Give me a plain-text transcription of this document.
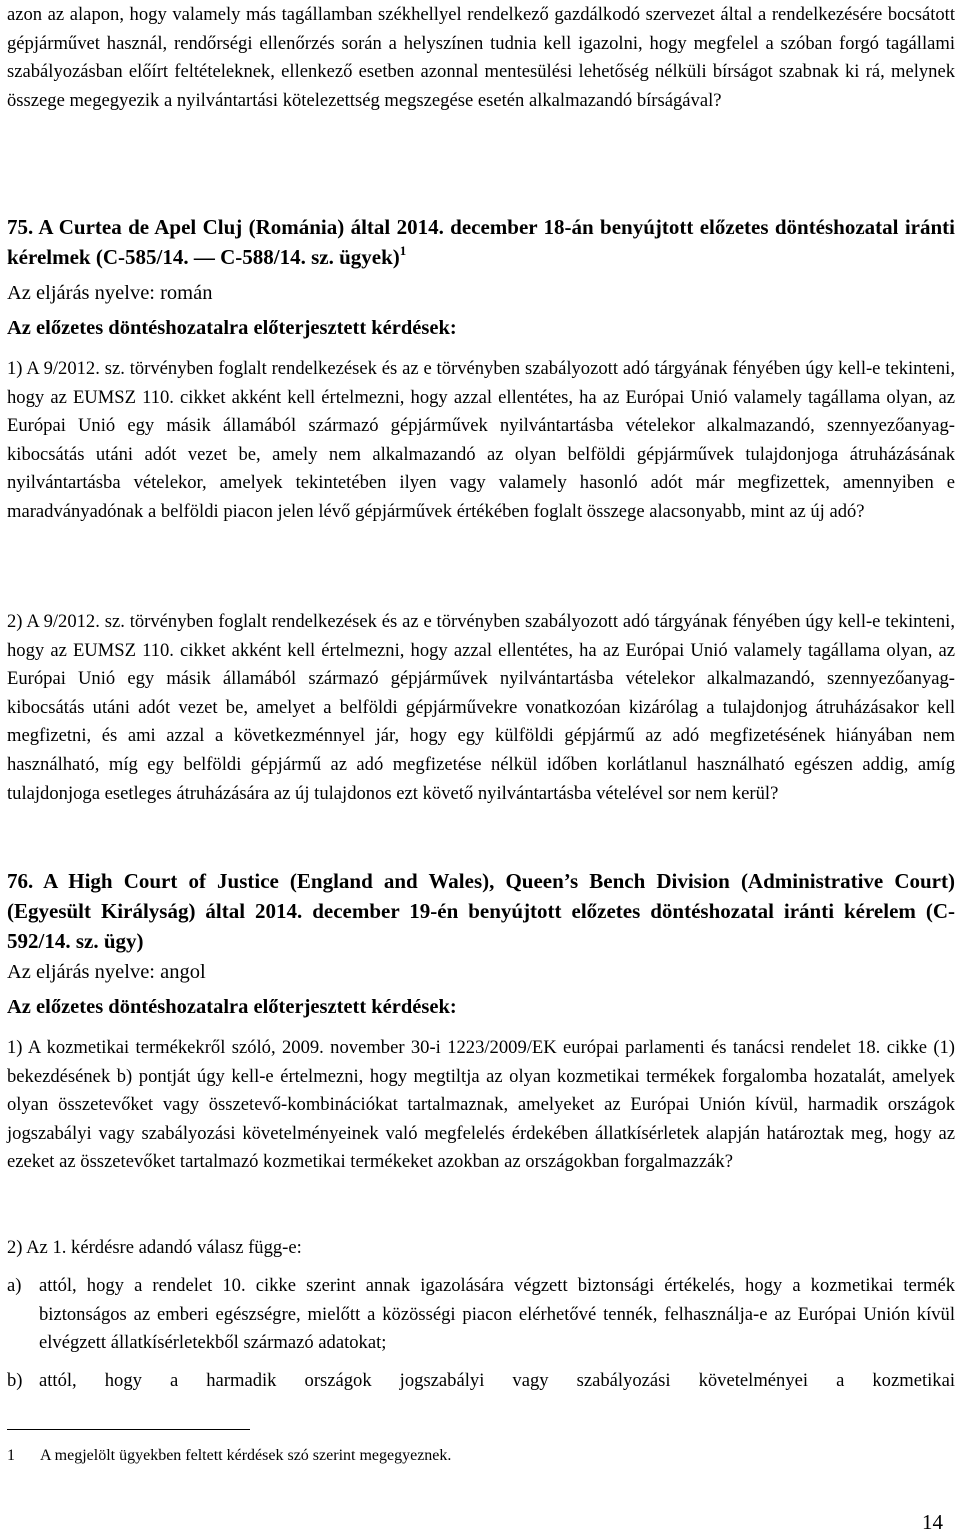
azon az alapon, hogy valamely más tagállamban székhellyel rendelkező gazdálkodó szervezet által a rendelkezésére bocsátott gépjárművet használ, rendőrségi ellenőrzés során a helyszínen tudnia kell igazolni, hogy megfelel a szóban forgó tagállami szabályozásban előírt feltételeknek, ellenkező esetben azonnal mentesülési lehetőség nélküli bírságot szabnak ki rá, melynek összege megegyezik a nyilvántartási kötelezettség megszegése esetén alkalmazandó bírságával?

75. A Curtea de Apel Cluj (Románia) által 2014. december 18-án benyújtott előzetes döntéshozatal iránti kérelmek (C-585/14. — C-588/14. sz. ügyek)$^1$
Az eljárás nyelve: román
Az előzetes döntéshozatalra előterjesztett kérdések:

1) A 9/2012. sz. törvényben foglalt rendelkezések és az e törvényben szabályozott adó tárgyának fényében úgy kell-e tekinteni, hogy az EUMSZ 110. cikket akként kell értelmezni, hogy azzal ellentétes, ha az Európai Unió valamely tagállama olyan, az Európai Unió egy másik államából származó gépjárművek nyilvántartásba vételekor alkalmazandó, szennyezőanyag-kibocsátás utáni adót vezet be, amely nem alkalmazandó az olyan belföldi gépjárművek tulajdonjoga átruházásának nyilvántartásba vételekor, amelyek tekintetében ilyen vagy valamely hasonló adót már megfizettek, amennyiben e maradványadónak a belföldi piacon jelen lévő gépjárművek értékében foglalt összege alacsonyabb, mint az új adó?

2) A 9/2012. sz. törvényben foglalt rendelkezések és az e törvényben szabályozott adó tárgyának fényében úgy kell-e tekinteni, hogy az EUMSZ 110. cikket akként kell értelmezni, hogy azzal ellentétes, ha az Európai Unió valamely tagállama olyan, az Európai Unió egy másik államából származó gépjárművek nyilvántartásba vételekor alkalmazandó, szennyezőanyag-kibocsátás utáni adót vezet be, amelyet a belföldi gépjárművekre vonatkozóan kizárólag a tulajdonjog átruházásakor kell megfizetni, és ami azzal a következménnyel jár, hogy egy külföldi gépjármű az adó megfizetésének hiányában nem használható, míg egy belföldi gépjármű az adó megfizetése nélkül időben korlátlanul használható egészen addig, amíg tulajdonjoga esetleges átruházására az új tulajdonos ezt követő nyilvántartásba vételével sor nem kerül?

76. A High Court of Justice (England and Wales), Queen’s Bench Division (Administrative Court) (Egyesült Királyság) által 2014. december 19-én benyújtott előzetes döntéshozatal iránti kérelem (C-592/14. sz. ügy)
Az eljárás nyelve: angol
Az előzetes döntéshozatalra előterjesztett kérdések:

1) A kozmetikai termékekről szóló, 2009. november 30-i 1223/2009/EK európai parlamenti és tanácsi rendelet 18. cikke (1) bekezdésének b) pontját úgy kell-e értelmezni, hogy megtiltja az olyan kozmetikai termékek forgalomba hozatalát, amelyek olyan összetevőket vagy összetevő-kombinációkat tartalmaznak, amelyeket az Európai Unión kívül, harmadik országok jogszabályi vagy szabályozási követelményeinek való megfelelés érdekében állatkísérletek alapján határoztak meg, hogy az ezeket az összetevőket tartalmazó kozmetikai termékeket azokban az országokban forgalmazzák?

2) Az 1. kérdésre adandó válasz függ-e:

a) attól, hogy a rendelet 10. cikke szerint annak igazolására végzett biztonsági értékelés, hogy a kozmetikai termék biztonságos az emberi egészségre, mielőtt a közösségi piacon elérhetővé tennék, felhasználja-e az Európai Unión kívül elvégzett állatkísérletekből származó adatokat;

b) attól, hogy a harmadik országok jogszabályi vagy szabályozási követelményei a kozmetikai

1 A megjelölt ügyekben feltett kérdések szó szerint megegyeznek.
14
